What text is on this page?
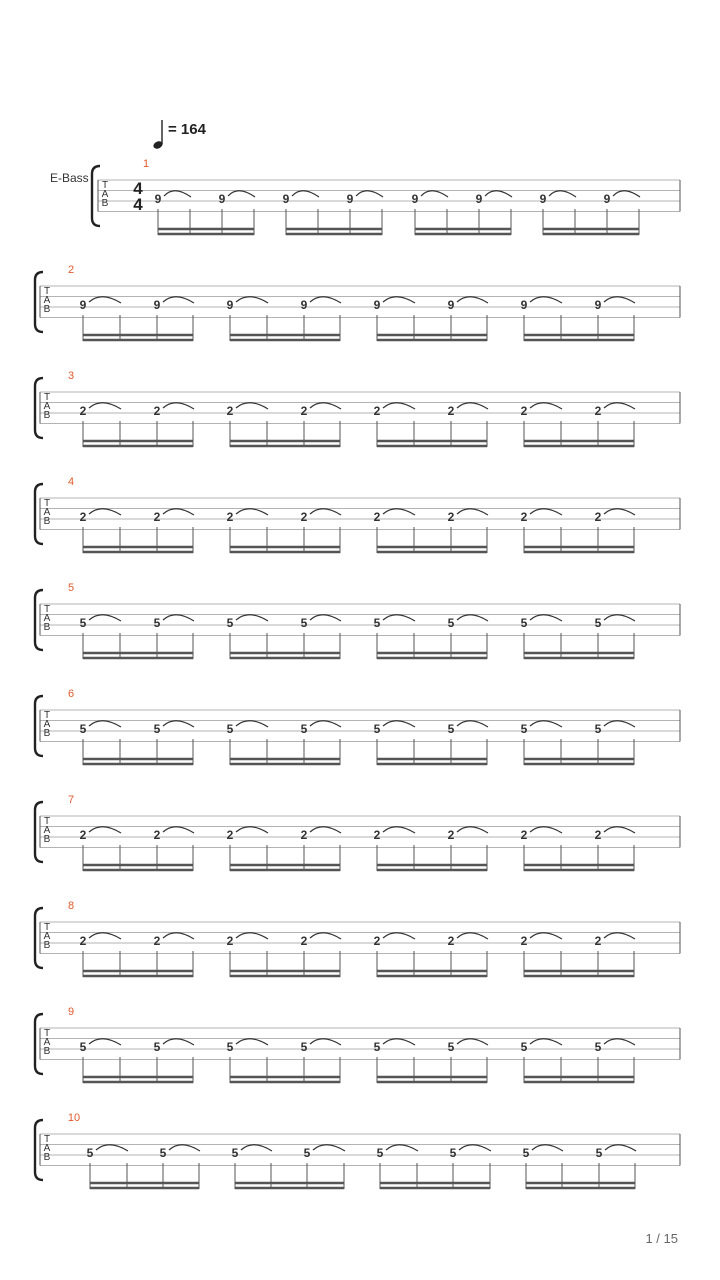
T
A
B
4
4
1
9	9	9	9	9	9	9	9
T
A
B
2
9	9	9	9	9	9	9	9
T
A
B
3
2	2	2	2	2	2	2	2
T
A
B
4
2	2	2	2	2	2	2	2
T
A
B
5
5	5	5	5	5	5	5	5
T
A
B
6
5	5	5	5	5	5	5	5
T
A
B
7
2	2	2	2	2	2	2	2
T
A
B
8
2	2	2	2	2	2	2	2
T
A
B
9
5	5	5	5	5	5	5	5
T
A
B
10
5	5	5	5	5	5	5	5
= 164
E-Bass
1 / 15
